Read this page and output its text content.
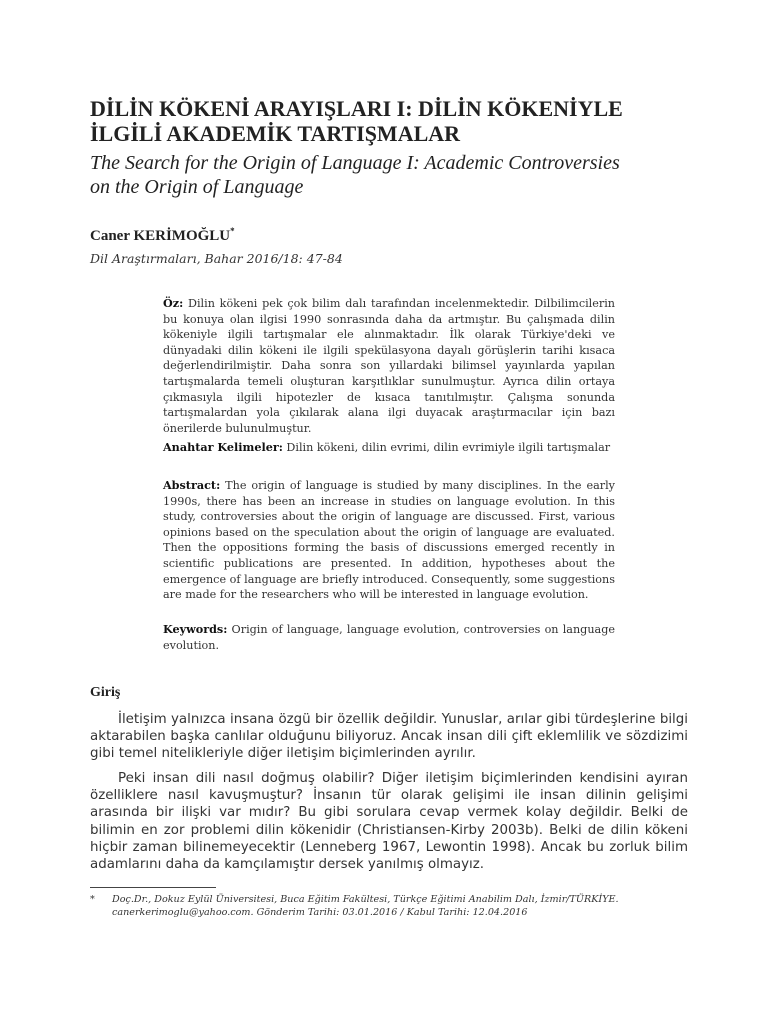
DİLİN KÖKENİ ARAYIŞLARI I: DİLİN KÖKENİYLE
İLGİLİ AKADEMİK TARTIŞMALAR
The Search for the Origin of Language I: Academic Controversies
on the Origin of Language
Caner KERİMOĞLU*
Dil Araştırmaları, Bahar 2016/18: 47-84
Öz: Dilin kökeni pek çok bilim dalı tarafından incelenmektedir. Dilbilimcilerin bu konuya olan ilgisi 1990 sonrasında daha da artmıştır. Bu çalışmada dilin kökeniyle ilgili tartışmalar ele alınmaktadır. İlk olarak Türkiye'deki ve dünyadaki dilin kökeni ile ilgili spekülasyona dayalı görüşlerin tarihi kısaca değerlendirilmiştir. Daha sonra son yıllardaki bilimsel yayınlarda yapılan tartışmalarda temeli oluşturan karşıtlıklar sunulmuştur. Ayrıca dilin ortaya çıkmasıyla ilgili hipotezler de kısaca tanıtılmıştır. Çalışma sonunda tartışmalardan yola çıkılarak alana ilgi duyacak araştırmacılar için bazı önerilerde bulunulmuştur.
Anahtar Kelimeler: Dilin kökeni, dilin evrimi, dilin evrimiyle ilgili tartışmalar
Abstract: The origin of language is studied by many disciplines. In the early 1990s, there has been an increase in studies on language evolution. In this study, controversies about the origin of language are discussed. First, various opinions based on the speculation about the origin of language are evaluated. Then the oppositions forming the basis of discussions emerged recently in scientific publications are presented. In addition, hypotheses about the emergence of language are briefly introduced. Consequently, some suggestions are made for the researchers who will be interested in language evolution.
Keywords: Origin of language, language evolution, controversies on language evolution.
Giriş
İletişim yalnızca insana özgü bir özellik değildir. Yunuslar, arılar gibi türdeşlerine bilgi aktarabilen başka canlılar olduğunu biliyoruz. Ancak insan dili çift eklemlilik ve sözdizimi gibi temel nitelikleriyle diğer iletişim biçimlerinden ayrılır.
Peki insan dili nasıl doğmuş olabilir? Diğer iletişim biçimlerinden kendisini ayıran özelliklere nasıl kavuşmuştur? İnsanın tür olarak gelişimi ile insan dilinin gelişimi arasında bir ilişki var mıdır? Bu gibi sorulara cevap vermek kolay değildir. Belki de bilimin en zor problemi dilin kökenidir (Christiansen-Kirby 2003b). Belki de dilin kökeni hiçbir zaman bilinemeyecektir (Lenneberg 1967, Lewontin 1998). Ancak bu zorluk bilim adamlarını daha da kamçılamıştır dersek yanılmış olmayız.
* Doç.Dr., Dokuz Eylül Üniversitesi, Buca Eğitim Fakültesi, Türkçe Eğitimi Anabilim Dalı, İzmir/TÜRKİYE. canerkerimoglu@yahoo.com. Gönderim Tarihi: 03.01.2016 / Kabul Tarihi: 12.04.2016
